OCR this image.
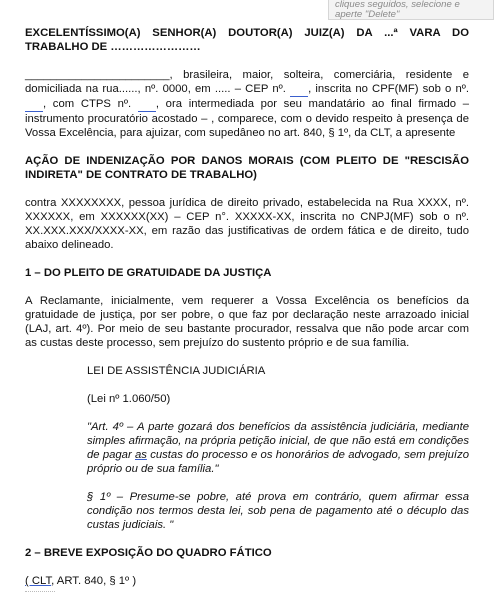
cliques seguidos, selecione e
aperte "Delete"

EXCELENTÍSSIMO(A) SENHOR(A) DOUTOR(A) JUIZ(A) DA ...ª VARA DO TRABALHO DE ……………………

_______________________, brasileira, maior, solteira, comerciária, residente e domiciliada na rua......, nº. 0000, em ..... – CEP nº. , inscrita no CPF(MF) sob o nº.  , com CTPS nº. , ora intermediada por seu mandatário ao final firmado – instrumento procuratório acostado – , comparece, com o devido respeito à presença de Vossa Excelência, para ajuizar, com supedâneo no art. 840, § 1º, da CLT, a apresente

AÇÃO DE INDENIZAÇÃO POR DANOS MORAIS (COM PLEITO DE "RESCISÃO INDIRETA" DE CONTRATO DE TRABALHO)

contra XXXXXXXX, pessoa jurídica de direito privado, estabelecida na Rua XXXX, nº. XXXXXX, em XXXXXX(XX) – CEP n°. XXXXX-XX, inscrita no CNPJ(MF) sob o nº. XX.XXX.XXX/XXXX-XX, em razão das justificativas de ordem fática e de direito, tudo abaixo delineado.

1 – DO PLEITO DE GRATUIDADE DA JUSTIÇA

A Reclamante, inicialmente, vem requerer a Vossa Excelência os benefícios da gratuidade de justiça, por ser pobre, o que faz por declaração neste arrazoado inicial (LAJ, art. 4º). Por meio de seu bastante procurador, ressalva que não pode arcar com as custas deste processo, sem prejuízo do sustento próprio e de sua família.

LEI DE ASSISTÊNCIA JUDICIÁRIA

(Lei nº 1.060/50)

"Art. 4º – A parte gozará dos benefícios da assistência judiciária, mediante simples afirmação, na própria petição inicial, de que não está em condições de pagar as custas do processo e os honorários de advogado, sem prejuízo próprio ou de sua família."

§ 1º – Presume-se pobre, até prova em contrário, quem afirmar essa condição nos termos desta lei, sob pena de pagamento até o décuplo das custas judiciais. "

2 – BREVE EXPOSIÇÃO DO QUADRO FÁTICO

( CLT, ART. 840, § 1º )
